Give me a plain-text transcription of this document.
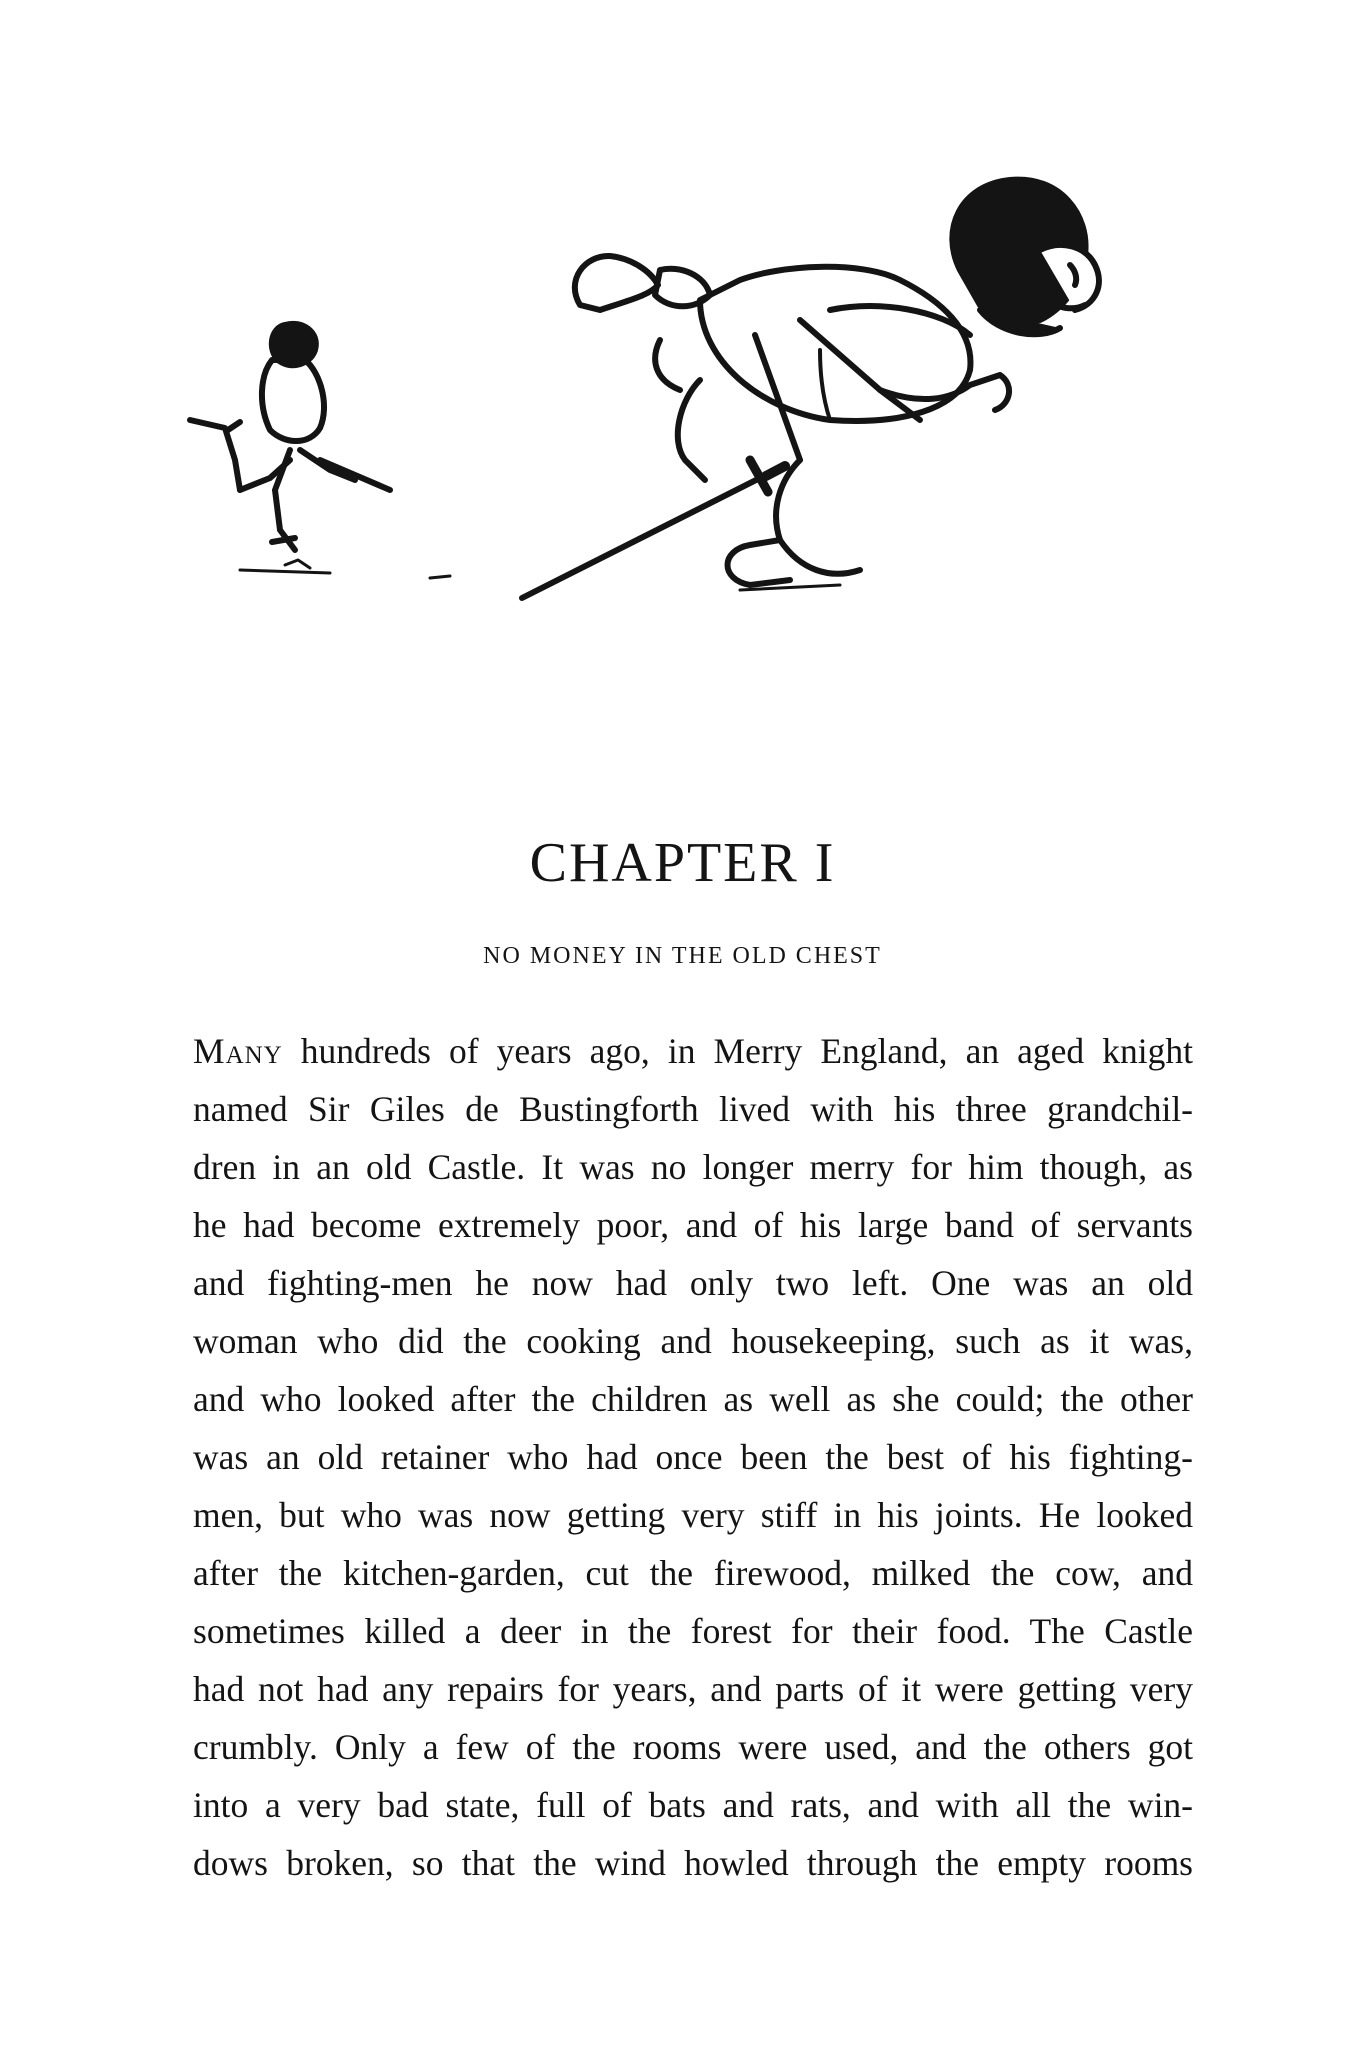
CHAPTER I
NO MONEY IN THE OLD CHEST
Many hundreds of years ago, in Merry England, an aged knight
named Sir Giles de Bustingforth lived with his three grandchil-
dren in an old Castle. It was no longer merry for him though, as
he had become extremely poor, and of his large band of servants
and fighting-men he now had only two left. One was an old
woman who did the cooking and housekeeping, such as it was,
and who looked after the children as well as she could; the other
was an old retainer who had once been the best of his fighting-
men, but who was now getting very stiff in his joints. He looked
after the kitchen-garden, cut the firewood, milked the cow, and
sometimes killed a deer in the forest for their food. The Castle
had not had any repairs for years, and parts of it were getting very
crumbly. Only a few of the rooms were used, and the others got
into a very bad state, full of bats and rats, and with all the win-
dows broken, so that the wind howled through the empty rooms
